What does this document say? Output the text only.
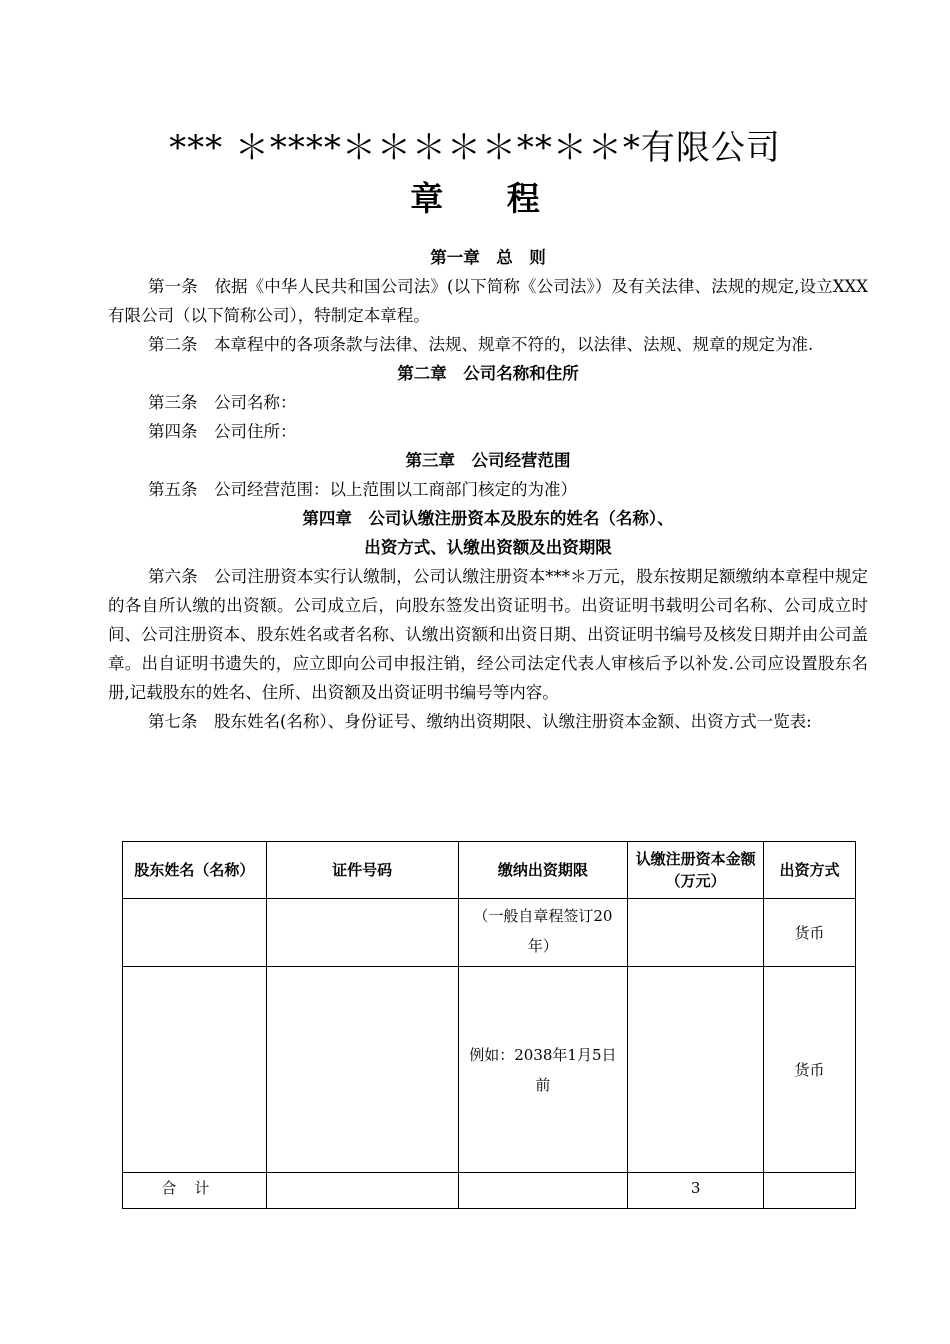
*** ＊****＊＊＊＊＊**＊＊*有限公司
章 程

第一章　总　则

第一条　依据《中华人民共和国公司法》(以下简称《公司法》）及有关法律、法规的规定,设立XXX有限公司（以下简称公司），特制定本章程。

第二条　本章程中的各项条款与法律、法规、规章不符的，以法律、法规、规章的规定为准.

第二章　公司名称和住所

第三条　公司名称：

第四条　公司住所：

第三章　公司经营范围

第五条　公司经营范围：以上范围以工商部门核定的为准）

第四章　公司认缴注册资本及股东的姓名（名称）、

出资方式、认缴出资额及出资期限

第六条　公司注册资本实行认缴制，公司认缴注册资本***＊万元，股东按期足额缴纳本章程中规定的各自所认缴的出资额。公司成立后，向股东签发出资证明书。出资证明书载明公司名称、公司成立时间、公司注册资本、股东姓名或者名称、认缴出资额和出资日期、出资证明书编号及核发日期并由公司盖章。出自证明书遗失的，应立即向公司申报注销，经公司法定代表人审核后予以补发.公司应设置股东名册,记载股东的姓名、住所、出资额及出资证明书编号等内容。

第七条　股东姓名(名称）、身份证号、缴纳出资期限、认缴注册资本金额、出资方式一览表:

股东姓名（名称）	证件号码	缴纳出资期限	认缴注册资本金额（万元）	出资方式
		（一般自章程签订20年）		货币
		例如：2038年1月5日前		货币
合计			3	
